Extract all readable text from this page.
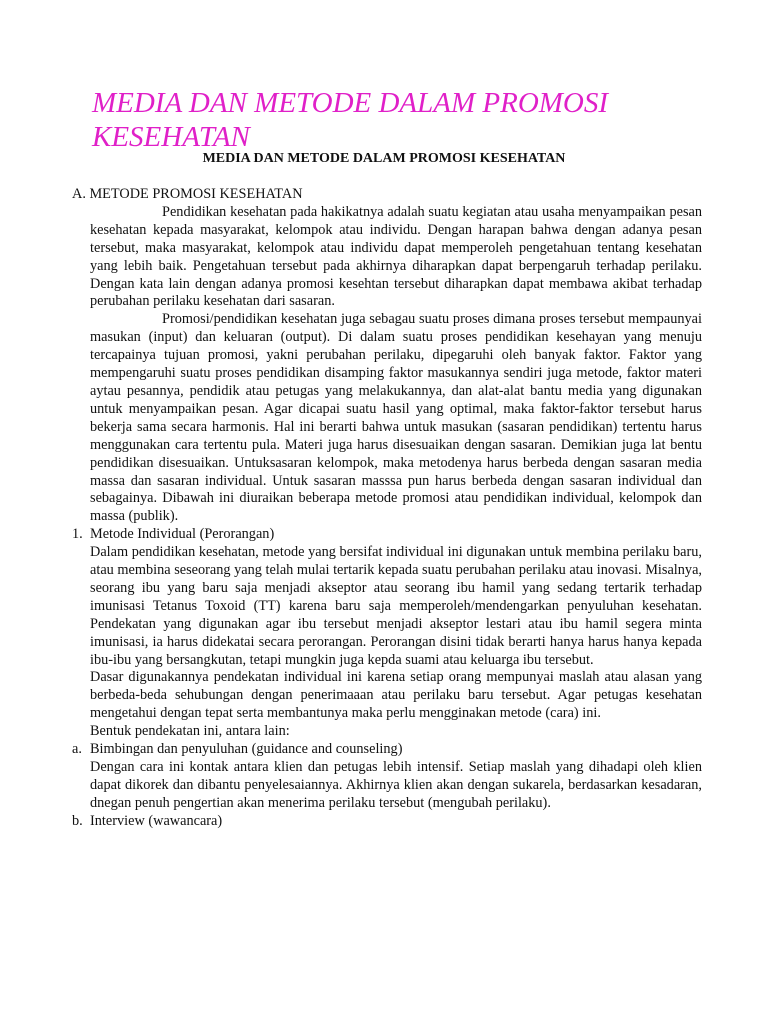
MEDIA DAN METODE DALAM PROMOSI KESEHATAN

MEDIA DAN METODE DALAM PROMOSI KESEHATAN

A. METODE PROMOSI KESEHATAN

Pendidikan kesehatan pada hakikatnya adalah suatu kegiatan atau usaha menyampaikan pesan kesehatan kepada masyarakat, kelompok atau individu. Dengan harapan bahwa dengan adanya pesan tersebut, maka masyarakat, kelompok atau individu dapat memperoleh pengetahuan tentang kesehatan yang lebih baik. Pengetahuan tersebut pada akhirnya diharapkan dapat berpengaruh terhadap perilaku. Dengan kata lain dengan adanya promosi kesehtan tersebut diharapkan dapat membawa akibat terhadap perubahan perilaku kesehatan dari sasaran.

Promosi/pendidikan kesehatan juga sebagau suatu proses dimana proses tersebut mempaunyai masukan (input) dan keluaran (output). Di dalam suatu proses pendidikan kesehayan yang menuju tercapainya tujuan promosi, yakni perubahan perilaku, dipegaruhi oleh banyak faktor. Faktor yang mempengaruhi suatu proses pendidikan disamping faktor masukannya sendiri juga metode, faktor materi aytau pesannya, pendidik atau petugas yang melakukannya, dan alat-alat bantu media yang digunakan untuk menyampaikan pesan. Agar dicapai suatu hasil yang optimal, maka faktor-faktor tersebut harus bekerja sama secara harmonis. Hal ini berarti bahwa untuk masukan (sasaran pendidikan) tertentu harus menggunakan cara tertentu pula. Materi juga harus disesuaikan dengan sasaran. Demikian juga lat bentu pendidikan disesuaikan. Untuksasaran kelompok, maka metodenya harus berbeda dengan sasaran media massa dan sasaran individual. Untuk sasaran masssa pun harus berbeda dengan sasaran individual dan sebagainya. Dibawah ini diuraikan beberapa metode promosi atau pendidikan individual, kelompok dan massa (publik).

1. Metode Individual (Perorangan)

Dalam pendidikan kesehatan, metode yang bersifat individual ini digunakan untuk membina perilaku baru, atau membina seseorang yang telah mulai tertarik kepada suatu perubahan perilaku atau inovasi. Misalnya, seorang ibu yang baru saja menjadi akseptor atau seorang ibu hamil yang sedang tertarik terhadap imunisasi Tetanus Toxoid (TT) karena baru saja memperoleh/mendengarkan penyuluhan kesehatan. Pendekatan yang digunakan agar ibu tersebut menjadi akseptor lestari atau ibu hamil segera minta imunisasi, ia harus didekatai secara perorangan. Perorangan disini tidak berarti hanya harus hanya kepada ibu-ibu yang bersangkutan, tetapi mungkin juga kepda suami atau keluarga ibu tersebut.

Dasar digunakannya pendekatan individual ini karena setiap orang mempunyai maslah atau alasan yang berbeda-beda sehubungan dengan penerimaaan atau perilaku baru tersebut. Agar petugas kesehatan mengetahui dengan tepat serta membantunya maka perlu mengginakan metode (cara) ini.

Bentuk pendekatan ini, antara lain:

a. Bimbingan dan penyuluhan (guidance and counseling)

Dengan cara ini kontak antara klien dan petugas lebih intensif. Setiap maslah yang dihadapi oleh klien dapat dikorek dan dibantu penyelesaiannya. Akhirnya klien akan dengan sukarela, berdasarkan kesadaran, dnegan penuh pengertian akan menerima perilaku tersebut (mengubah perilaku).

b. Interview (wawancara)
